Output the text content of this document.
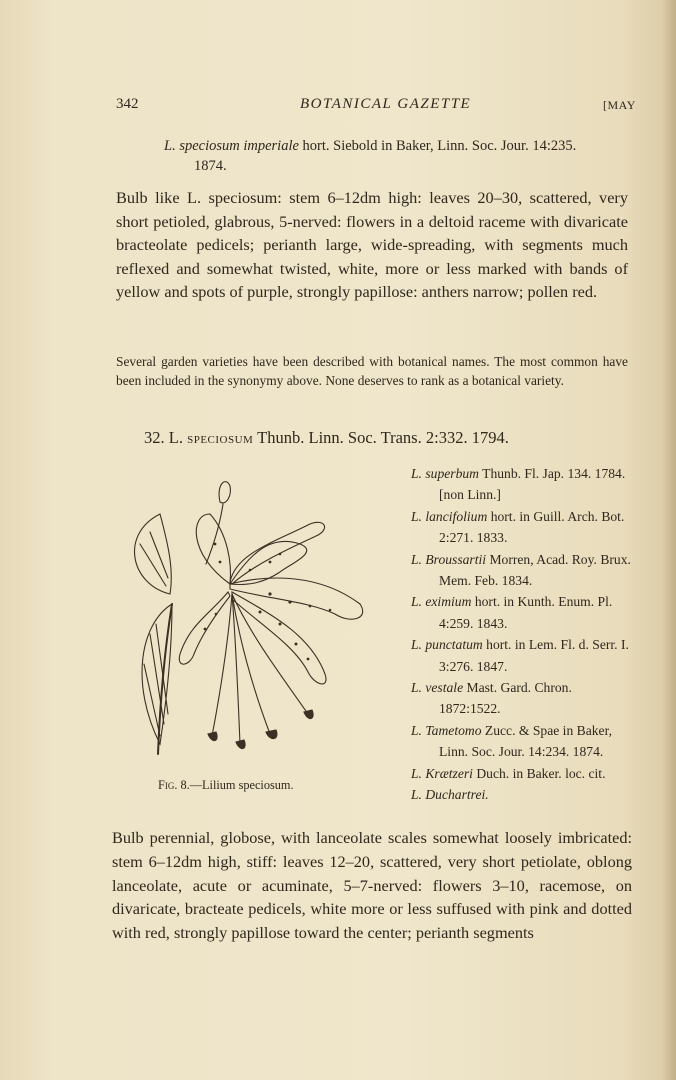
342	BOTANICAL GAZETTE	[MAY
L. speciosum imperiale hort. Siebold in Baker, Linn. Soc. Jour. 14:235.
1874.

Bulb like L. speciosum: stem 6–12dm high: leaves 20–30, scattered, very short petioled, glabrous, 5-nerved: flowers in a deltoid raceme with divaricate bracteolate pedicels; perianth large, wide-spreading, with segments much reflexed and somewhat twisted, white, more or less marked with bands of yellow and spots of purple, strongly papillose: anthers narrow; pollen red.

Several garden varieties have been described with botanical names. The most common have been included in the synonymy above. None deserves to rank as a botanical variety.

32. L. speciosum Thunb. Linn. Soc. Trans. 2:332. 1794.

L. superbum Thunb. Fl. Jap. 134. 1784. [non Linn.]

L. lancifolium hort. in Guill. Arch. Bot. 2:271. 1833.

L. Broussartii Morren, Acad. Roy. Brux. Mem. Feb. 1834.

L. eximium hort. in Kunth. Enum. Pl. 4:259. 1843.

L. punctatum hort. in Lem. Fl. d. Serr. I. 3:276. 1847.

L. vestale Mast. Gard. Chron. 1872:1522.

L. Tametomo Zucc. & Spae in Baker, Linn. Soc. Jour. 14:234. 1874.

L. Krætzeri Duch. in Baker. loc. cit.

L. Duchartrei.

Fig. 8.—Lilium speciosum.

Bulb perennial, globose, with lanceolate scales somewhat loosely imbricated: stem 6–12dm high, stiff: leaves 12–20, scattered, very short petiolate, oblong lanceolate, acute or acuminate, 5–7-nerved: flowers 3–10, racemose, on divaricate, bracteate pedicels, white more or less suffused with pink and dotted with red, strongly papillose toward the center; perianth segments
